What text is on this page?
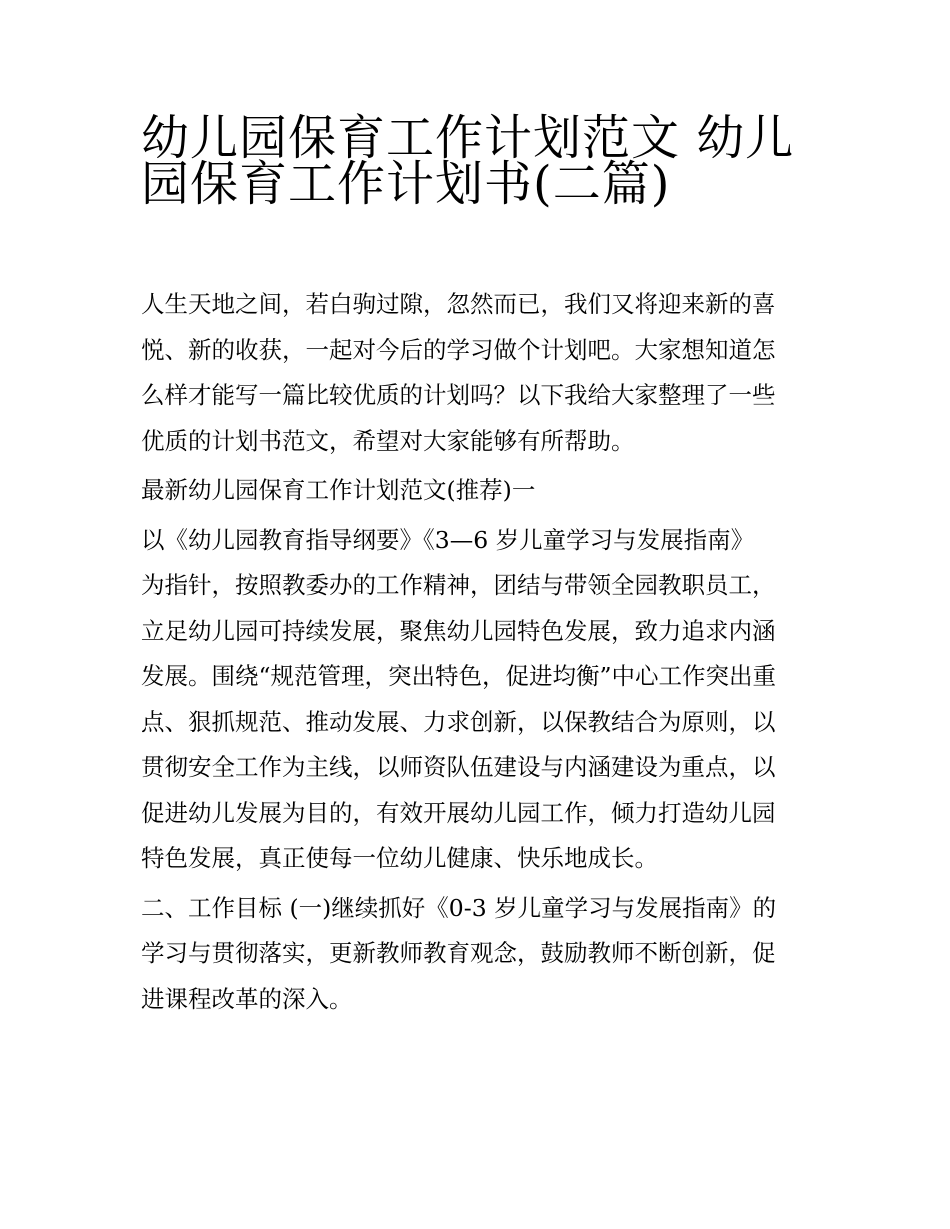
幼儿园保育工作计划范文 幼儿
园保育工作计划书(二篇)
人生天地之间，若白驹过隙，忽然而已，我们又将迎来新的喜
悦、新的收获，一起对今后的学习做个计划吧。大家想知道怎
么样才能写一篇比较优质的计划吗？以下我给大家整理了一些
优质的计划书范文，希望对大家能够有所帮助。
最新幼儿园保育工作计划范文(推荐)一
以《幼儿园教育指导纲要》《3—6 岁儿童学习与发展指南》
为指针，按照教委办的工作精神，团结与带领全园教职员工，
立足幼儿园可持续发展，聚焦幼儿园特色发展，致力追求内涵
发展。围绕“规范管理，突出特色，促进均衡”中心工作突出重
点、狠抓规范、推动发展、力求创新，以保教结合为原则，以
贯彻安全工作为主线，以师资队伍建设与内涵建设为重点，以
促进幼儿发展为目的，有效开展幼儿园工作，倾力打造幼儿园
特色发展，真正使每一位幼儿健康、快乐地成长。
二、工作目标 (一)继续抓好《0-3 岁儿童学习与发展指南》的
学习与贯彻落实，更新教师教育观念，鼓励教师不断创新，促
进课程改革的深入。
